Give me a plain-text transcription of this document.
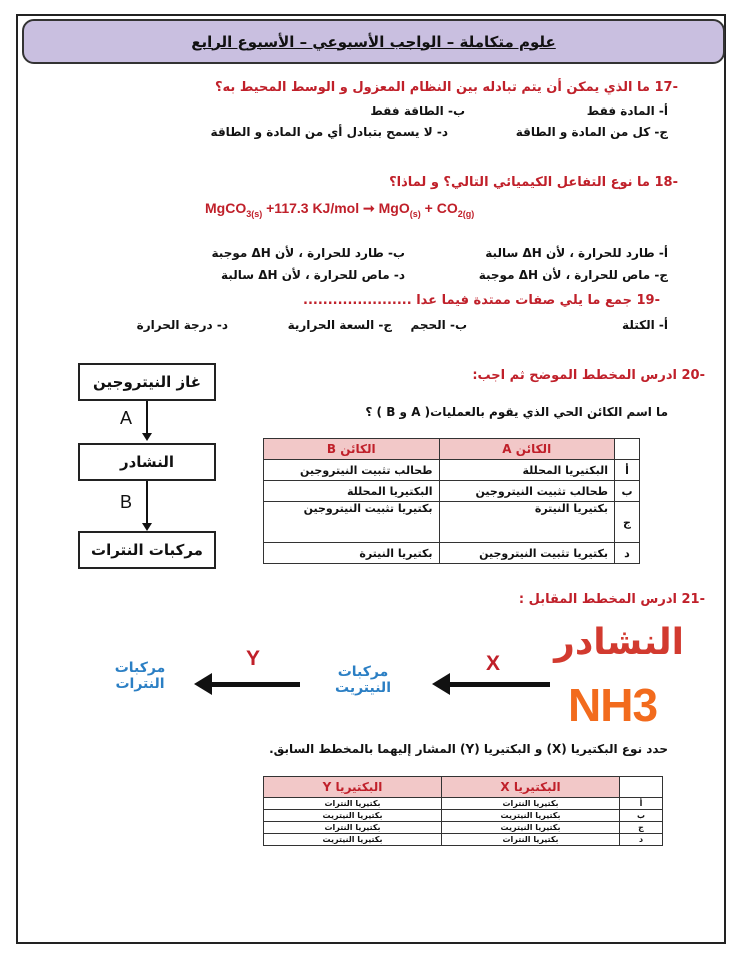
علوم متكاملة – الواجب الأسبوعي – الأسبوع الرابع
-17 ما الذي يمكن أن يتم تبادله بين النظام المعزول و الوسط المحيط به؟
أ- المادة فقط
ب- الطاقة فقط
ج- كل من المادة و الطاقة
د- لا يسمح بتبادل أي من المادة و الطاقة
-18 ما نوع التفاعل الكيميائي التالي؟ و لماذا؟
MgCO$_{3(s)}$ +117.3 KJ/mol ➞ $MgO_{(s)} + CO_{2(g)}$
أ- طارد للحرارة ، لأن ΔH سالبة
ب- طارد للحرارة ، لأن ΔH موجبة
ج- ماص للحرارة ، لأن ΔH موجبة
د- ماص للحرارة ، لأن ΔH سالبة
-19 جمع ما يلي صفات ممتدة فيما عدا ......................
أ- الكتلة
ب- الحجم
ج- السعة الحرارية
د- درجة الحرارة
-20 ادرس المخطط الموضح ثم اجب:
ما اسم الكائن الحي الذي يقوم بالعمليات( A و B ) ؟
غاز النيتروجين
A
النشادر
B
مركبات النترات
	الكائن A	الكائن B
أ	البكتيريا المحللة	طحالب تثبيت النيتروجين
ب	طحالب تثبيت النيتروجين	البكتيريا المحللة
ج	بكتيريا النيترة	بكتيريا تثبيت النيتروجين
د	بكتيريا تثبيت النيتروجين	بكتيريا النيترة
-21 ادرس المخطط المقابل :
النشادر
NH3
X
مركبات
النيتريت
Y
مركبات
النترات
حدد نوع البكتيريا (X) و البكتيريا (Y) المشار إليهما بالمخطط السابق.
	البكتيريا X	البكتيريا Y
أ	بكتيريا النترات	بكتيريا النترات
ب	بكتيريا النيتريت	بكتيريا النيتريت
ج	بكتيريا النيتريت	بكتيريا النترات
د	بكتيريا النترات	بكتيريا النيتريت
